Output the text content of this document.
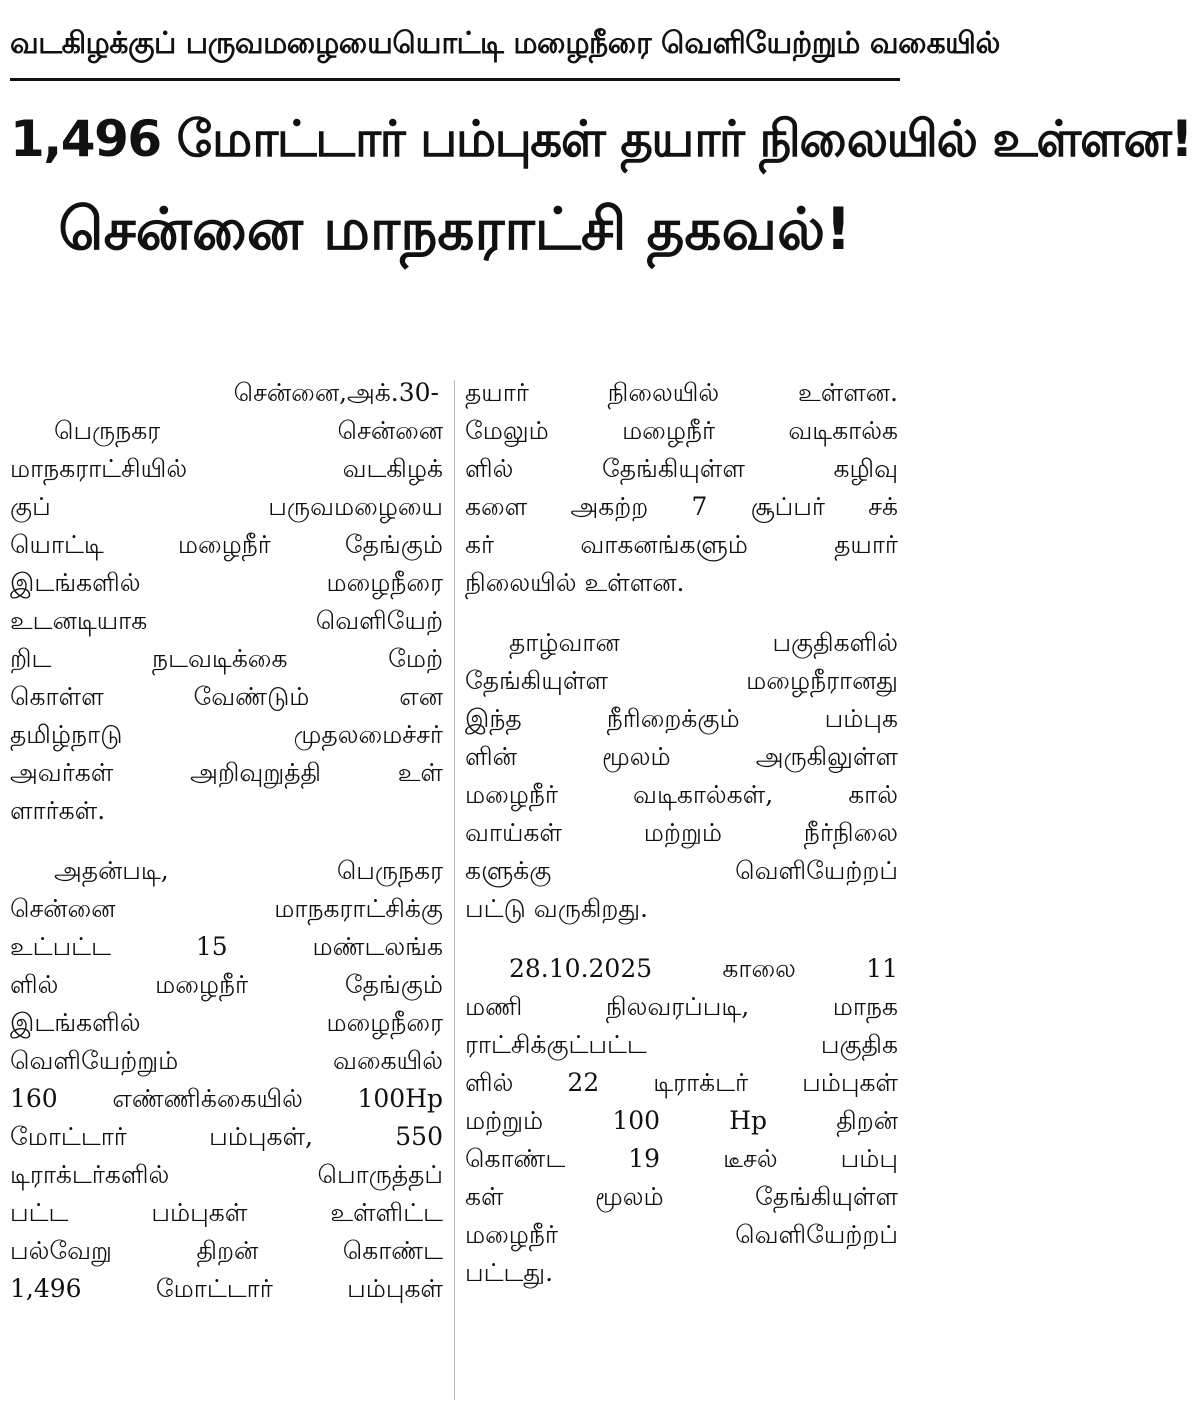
வடகிழக்குப் பருவமழையையொட்டி மழைநீரை வெளியேற்றும் வகையில்
1,496 மோட்டார் பம்புகள் தயார் நிலையில் உள்ளன!
சென்னை மாநகராட்சி தகவல்!
சென்னை,அக்.30-
பெருநகர சென்னை
மாநகராட்சியில் வடகிழக்
குப் பருவமழையை
யொட்டி மழைநீர் தேங்கும்
இடங்களில் மழைநீரை
உடனடியாக வெளியேற்
றிட நடவடிக்கை மேற்
கொள்ள வேண்டும் என
தமிழ்நாடு முதலமைச்சர்
அவர்கள் அறிவுறுத்தி உள்
ளார்கள்.
அதன்படி, பெருநகர
சென்னை மாநகராட்சிக்கு
உட்பட்ட 15 மண்டலங்க
ளில் மழைநீர் தேங்கும்
இடங்களில் மழைநீரை
வெளியேற்றும் வகையில்
160 எண்ணிக்கையில் 100Hp
மோட்டார் பம்புகள், 550
டிராக்டர்களில் பொருத்தப்
பட்ட பம்புகள் உள்ளிட்ட
பல்வேறு திறன் கொண்ட
1,496 மோட்டார் பம்புகள்
தயார் நிலையில் உள்ளன.
மேலும் மழைநீர் வடிகால்க
ளில் தேங்கியுள்ள கழிவு
களை அகற்ற 7 சூப்பர் சக்
கர் வாகனங்களும் தயார்
நிலையில் உள்ளன.
தாழ்வான பகுதிகளில்
தேங்கியுள்ள மழைநீரானது
இந்த நீரிறைக்கும் பம்புக
ளின் மூலம் அருகிலுள்ள
மழைநீர் வடிகால்கள், கால்
வாய்கள் மற்றும் நீர்நிலை
களுக்கு வெளியேற்றப்
பட்டு வருகிறது.
28.10.2025 காலை 11
மணி நிலவரப்படி, மாநக
ராட்சிக்குட்பட்ட பகுதிக
ளில் 22 டிராக்டர் பம்புகள்
மற்றும் 100 Hp திறன்
கொண்ட 19 டீசல் பம்பு
கள் மூலம் தேங்கியுள்ள
மழைநீர் வெளியேற்றப்
பட்டது.
